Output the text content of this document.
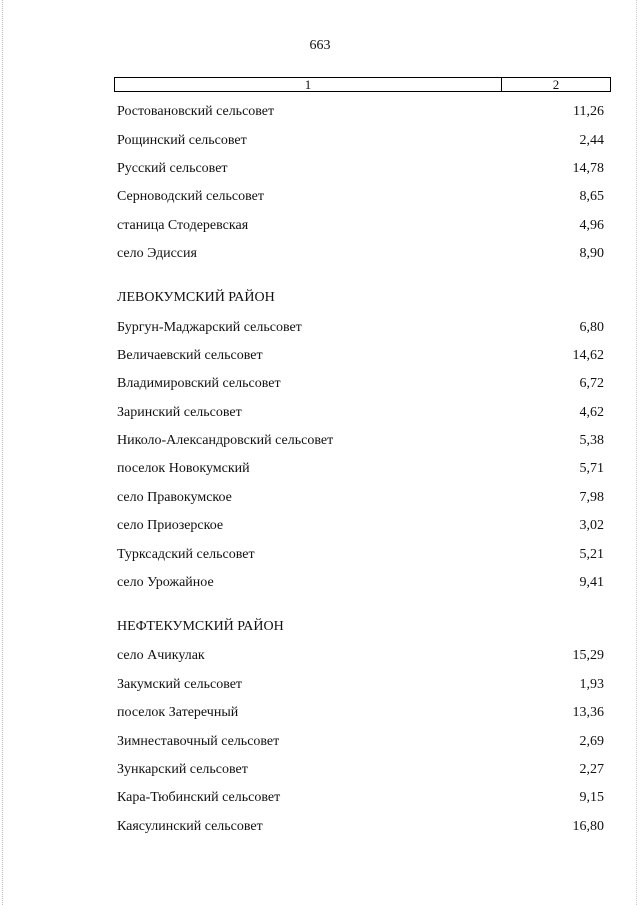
663
1	2
Ростовановский сельсовет	11,26
Рощинский сельсовет	2,44
Русский сельсовет	14,78
Серноводский сельсовет	8,65
станица Стодеревская	4,96
село Эдиссия	8,90
ЛЕВОКУМСКИЙ РАЙОН
Бургун-Маджарский сельсовет	6,80
Величаевский сельсовет	14,62
Владимировский сельсовет	6,72
Заринский сельсовет	4,62
Николо-Александровский сельсовет	5,38
поселок Новокумский	5,71
село Правокумское	7,98
село Приозерское	3,02
Турксадский сельсовет	5,21
село Урожайное	9,41
НЕФТЕКУМСКИЙ РАЙОН
село Ачикулак	15,29
Закумский сельсовет	1,93
поселок Затеречный	13,36
Зимнеставочный сельсовет	2,69
Зункарский сельсовет	2,27
Кара-Тюбинский сельсовет	9,15
Каясулинский сельсовет	16,80
